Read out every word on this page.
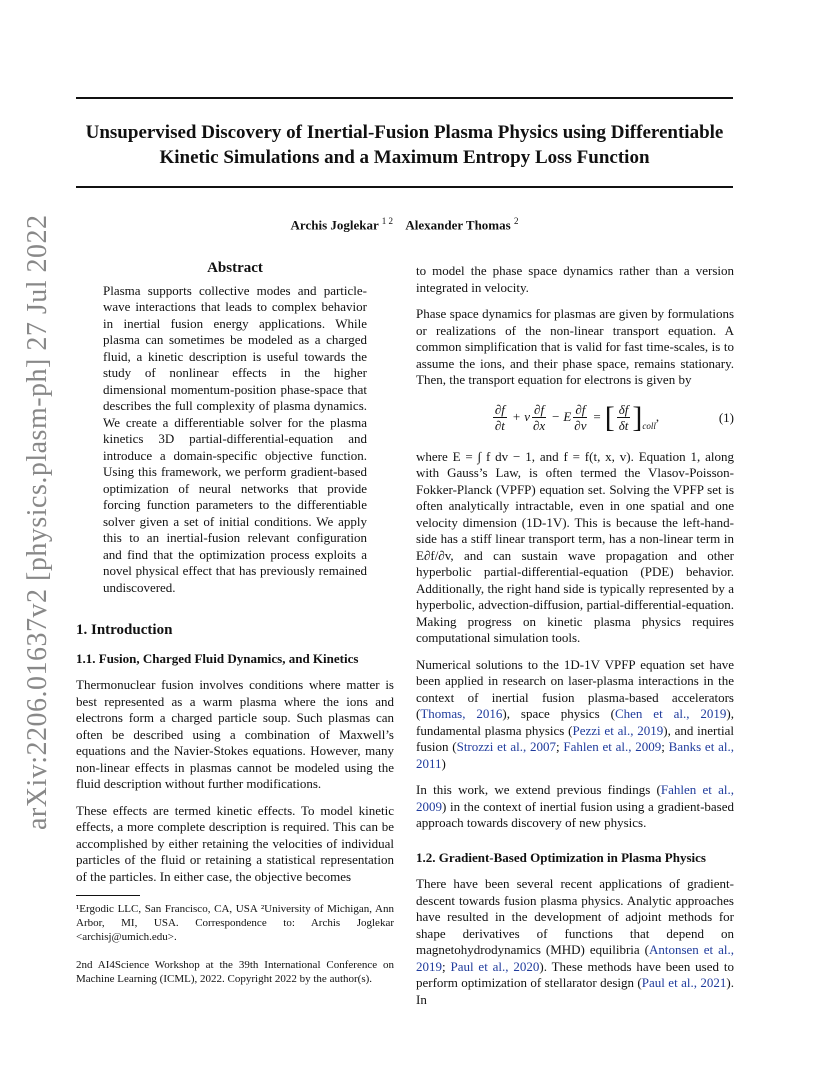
Unsupervised Discovery of Inertial-Fusion Plasma Physics using Differentiable Kinetic Simulations and a Maximum Entropy Loss Function
Archis Joglekar $^{1 2}$ Alexander Thomas $^2$
arXiv:2206.01637v2 [physics.plasm-ph] 27 Jul 2022	Abstract

Plasma supports collective modes and particle-wave interactions that leads to complex behavior in inertial fusion energy applications. While plasma can sometimes be modeled as a charged fluid, a kinetic description is useful towards the study of nonlinear effects in the higher dimensional momentum-position phase-space that describes the full complexity of plasma dynamics. We create a differentiable solver for the plasma kinetics 3D partial-differential-equation and introduce a domain-specific objective function. Using this framework, we perform gradient-based optimization of neural networks that provide forcing function parameters to the differentiable solver given a set of initial conditions. We apply this to an inertial-fusion relevant configuration and find that the optimization process exploits a novel physical effect that has previously remained undiscovered.

1. Introduction
1.1. Fusion, Charged Fluid Dynamics, and Kinetics

Thermonuclear fusion involves conditions where matter is best represented as a warm plasma where the ions and electrons form a charged particle soup. Such plasmas can often be described using a combination of Maxwell’s equations and the Navier-Stokes equations. However, many non-linear effects in plasmas cannot be modeled using the fluid description without further modifications.

These effects are termed kinetic effects. To model kinetic effects, a more complete description is required. This can be accomplished by either retaining the velocities of individual particles of the fluid or retaining a statistical representation of the particles. In either case, the objective becomes

¹Ergodic LLC, San Francisco, CA, USA ²University of Michigan, Ann Arbor, MI, USA. Correspondence to: Archis Joglekar <archisj@umich.edu>.

2nd AI4Science Workshop at the 39th International Conference on Machine Learning (ICML), 2022. Copyright 2022 by the author(s).

to model the phase space dynamics rather than a version integrated in velocity.

Phase space dynamics for plasmas are given by formulations or realizations of the non-linear transport equation. A common simplification that is valid for fast time-scales, is to assume the ions, and their phase space, remains stationary. Then, the transport equation for electrons is given by

$\frac{\partial f}{\partial t} + v \frac{\partial f}{\partial x} - E \frac{\partial f}{\partial v}$ = [ $\frac{\delta f}{\delta t}$ ] coll
,	(1)

where E = ∫ f dv − 1, and f = f(t, x, v). Equation 1, along with Gauss’s Law, is often termed the Vlasov-Poisson-Fokker-Planck (VPFP) equation set. Solving the VPFP set is often analytically intractable, even in one spatial and one velocity dimension (1D-1V). This is because the left-hand-side has a stiff linear transport term, has a non-linear term in E∂f/∂v, and can sustain wave propagation and other hyperbolic partial-differential-equation (PDE) behavior. Additionally, the right hand side is typically represented by a hyperbolic, advection-diffusion, partial-differential-equation. Making progress on kinetic plasma physics requires computational simulation tools.

Numerical solutions to the 1D-1V VPFP equation set have been applied in research on laser-plasma interactions in the context of inertial fusion plasma-based accelerators (Thomas, 2016), space physics (Chen et al., 2019), fundamental plasma physics (Pezzi et al., 2019), and inertial fusion (Strozzi et al., 2007; Fahlen et al., 2009; Banks et al., 2011)

In this work, we extend previous findings (Fahlen et al., 2009) in the context of inertial fusion using a gradient-based approach towards discovery of new physics.

1.2. Gradient-Based Optimization in Plasma Physics

There have been several recent applications of gradient-descent towards fusion plasma physics. Analytic approaches have resulted in the development of adjoint methods for shape derivatives of functions that depend on magnetohydrodynamics (MHD) equilibria (Antonsen et al., 2019; Paul et al., 2020). These methods have been used to perform optimization of stellarator design (Paul et al., 2021). In
